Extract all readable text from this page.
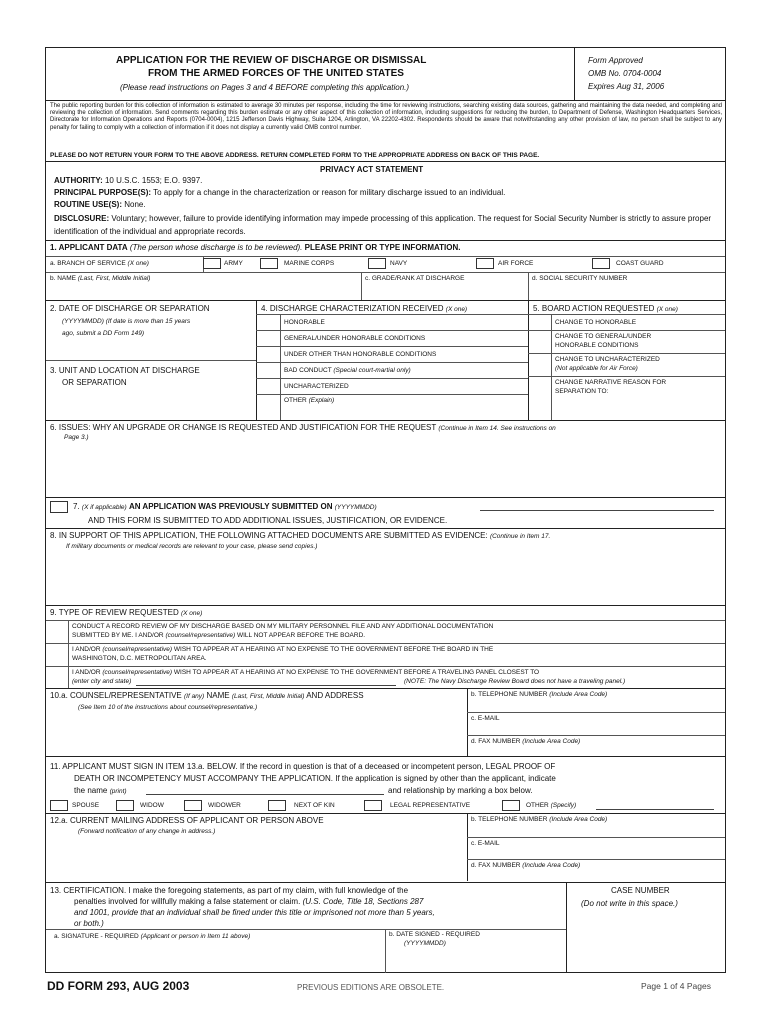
APPLICATION FOR THE REVIEW OF DISCHARGE OR DISMISSAL
FROM THE ARMED FORCES OF THE UNITED STATES
(Please read instructions on Pages 3 and 4 BEFORE completing this application.)
Form Approved
OMB No. 0704-0004
Expires Aug 31, 2006
The public reporting burden for this collection of information is estimated to average 30 minutes per response, including the time for reviewing instructions, searching existing data sources, gathering and maintaining the data needed, and completing and reviewing the collection of information. Send comments regarding this burden estimate or any other aspect of this collection of information, including suggestions for reducing the burden, to Department of Defense, Washington Headquarters Services, Directorate for Information Operations and Reports (0704-0004), 1215 Jefferson Davis Highway, Suite 1204, Arlington, VA 22202-4302. Respondents should be aware that notwithstanding any other provision of law, no person shall be subject to any penalty for failing to comply with a collection of information if it does not display a currently valid OMB control number.
PLEASE DO NOT RETURN YOUR FORM TO THE ABOVE ADDRESS. RETURN COMPLETED FORM TO THE APPROPRIATE ADDRESS ON BACK OF THIS PAGE.
PRIVACY ACT STATEMENT
AUTHORITY: 10 U.S.C. 1553; E.O. 9397.
PRINCIPAL PURPOSE(S): To apply for a change in the characterization or reason for military discharge issued to an individual.
ROUTINE USE(S): None.
DISCLOSURE: Voluntary; however, failure to provide identifying information may impede processing of this application. The request for Social Security Number is strictly to assure proper identification of the individual and appropriate records.
1. APPLICANT DATA (The person whose discharge is to be reviewed). PLEASE PRINT OR TYPE INFORMATION.
a. BRANCH OF SERVICE (X one)	ARMY	MARINE CORPS	NAVY	AIR FORCE	COAST GUARD
b. NAME (Last, First, Middle Initial)	c. GRADE/RANK AT DISCHARGE	d. SOCIAL SECURITY NUMBER
2. DATE OF DISCHARGE OR SEPARATION
(YYYYMMDD) (If date is more than 15 years
ago, submit a DD Form 149)
3. UNIT AND LOCATION AT DISCHARGE
OR SEPARATION
4. DISCHARGE CHARACTERIZATION RECEIVED (X one)
HONORABLE
GENERAL/UNDER HONORABLE CONDITIONS
UNDER OTHER THAN HONORABLE CONDITIONS
BAD CONDUCT (Special court-martial only)
UNCHARACTERIZED
OTHER (Explain)
5. BOARD ACTION REQUESTED (X one)
CHANGE TO HONORABLE
CHANGE TO GENERAL/UNDER
HONORABLE CONDITIONS
CHANGE TO UNCHARACTERIZED
(Not applicable for Air Force)
CHANGE NARRATIVE REASON FOR
SEPARATION TO:
6. ISSUES: WHY AN UPGRADE OR CHANGE IS REQUESTED AND JUSTIFICATION FOR THE REQUEST (Continue in Item 14. See instructions on
Page 3.)
7. (X if applicable) AN APPLICATION WAS PREVIOUSLY SUBMITTED ON (YYYYMMDD)
AND THIS FORM IS SUBMITTED TO ADD ADDITIONAL ISSUES, JUSTIFICATION, OR EVIDENCE.
8. IN SUPPORT OF THIS APPLICATION, THE FOLLOWING ATTACHED DOCUMENTS ARE SUBMITTED AS EVIDENCE: (Continue in Item 17.
If military documents or medical records are relevant to your case, please send copies.)
9. TYPE OF REVIEW REQUESTED (X one)
CONDUCT A RECORD REVIEW OF MY DISCHARGE BASED ON MY MILITARY PERSONNEL FILE AND ANY ADDITIONAL DOCUMENTATION
SUBMITTED BY ME. I AND/OR (counsel/representative) WILL NOT APPEAR BEFORE THE BOARD.
I AND/OR (counsel/representative) WISH TO APPEAR AT A HEARING AT NO EXPENSE TO THE GOVERNMENT BEFORE THE BOARD IN THE
WASHINGTON, D.C. METROPOLITAN AREA.
I AND/OR (counsel/representative) WISH TO APPEAR AT A HEARING AT NO EXPENSE TO THE GOVERNMENT BEFORE A TRAVELING PANEL CLOSEST TO
(enter city and state)	(NOTE: The Navy Discharge Review Board does not have a traveling panel.)
10.a. COUNSEL/REPRESENTATIVE (If any) NAME (Last, First, Middle Initial) AND ADDRESS
(See Item 10 of the instructions about counsel/representative.)
b. TELEPHONE NUMBER (Include Area Code)
c. E-MAIL
d. FAX NUMBER (Include Area Code)
11. APPLICANT MUST SIGN IN ITEM 13.a. BELOW. If the record in question is that of a deceased or incompetent person, LEGAL PROOF OF
DEATH OR INCOMPETENCY MUST ACCOMPANY THE APPLICATION. If the application is signed by other than the applicant, indicate
the name (print)	and relationship by marking a box below.
SPOUSE	WIDOW	WIDOWER	NEXT OF KIN	LEGAL REPRESENTATIVE	OTHER (Specify)
12.a. CURRENT MAILING ADDRESS OF APPLICANT OR PERSON ABOVE
(Forward notification of any change in address.)
b. TELEPHONE NUMBER (Include Area Code)
c. E-MAIL
d. FAX NUMBER (Include Area Code)
13. CERTIFICATION. I make the foregoing statements, as part of my claim, with full knowledge of the
penalties involved for willfully making a false statement or claim. (U.S. Code, Title 18, Sections 287
and 1001, provide that an individual shall be fined under this title or imprisoned not more than 5 years,
or both.)
a. SIGNATURE - REQUIRED (Applicant or person in Item 11 above)	b. DATE SIGNED - REQUIRED
(YYYYMMDD)
CASE NUMBER
(Do not write in this space.)
DD FORM 293, AUG 2003	PREVIOUS EDITIONS ARE OBSOLETE.	Page 1 of 4 Pages
